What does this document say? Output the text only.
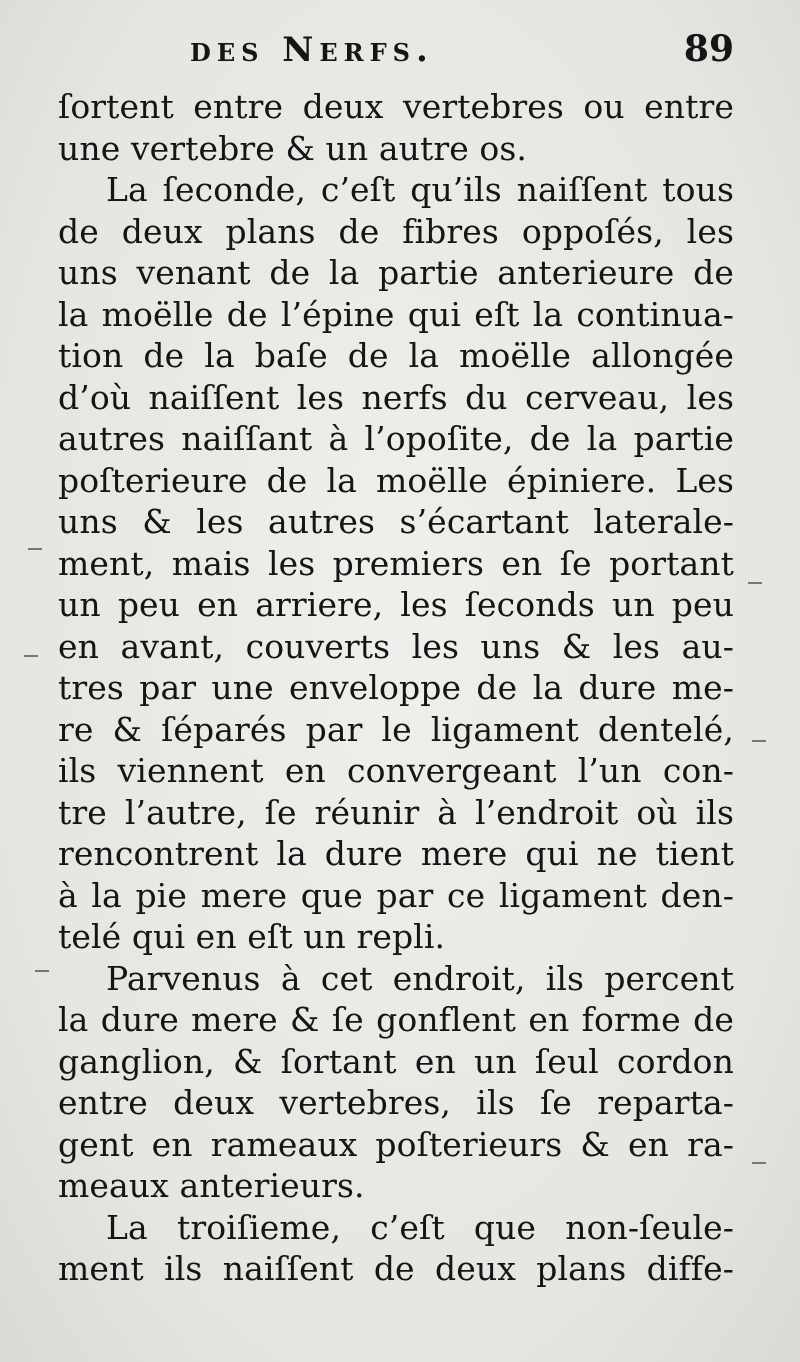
des Nerfs.	89
ſortent entre deux vertebres ou entre
une vertebre & un autre os.
La ſeconde, c’eſt qu’ils naiſſent tous
de deux plans de fibres oppoſés, les
uns venant de la partie anterieure de
la moëlle de l’épine qui eſt la continua-
tion de la baſe de la moëlle allongée
d’où naiſſent les nerfs du cerveau, les
autres naiſſant à l’opoſite, de la partie
poſterieure de la moëlle épiniere. Les
uns & les autres s’écartant laterale-
ment, mais les premiers en ſe portant
un peu en arriere, les ſeconds un peu
en avant, couverts les uns & les au-
tres par une enveloppe de la dure me-
re & ſéparés par le ligament dentelé,
ils viennent en convergeant l’un con-
tre l’autre, ſe réunir à l’endroit où ils
rencontrent la dure mere qui ne tient
à la pie mere que par ce ligament den-
telé qui en eſt un repli.
Parvenus à cet endroit, ils percent
la dure mere & ſe gonflent en forme de
ganglion, & ſortant en un ſeul cordon
entre deux vertebres, ils ſe reparta-
gent en rameaux poſterieurs & en ra-
meaux anterieurs.
La troiſieme, c’eſt que non-ſeule-
ment ils naiſſent de deux plans diffe-
